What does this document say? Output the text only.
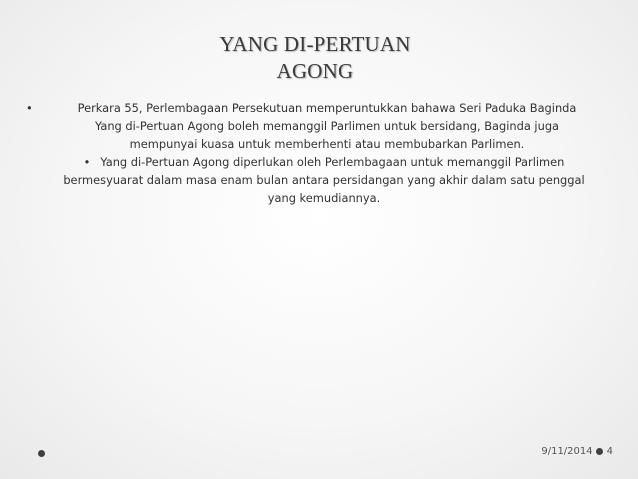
YANG DI-PERTUAN
AGONG
•	Perkara 55, Perlembagaan Persekutuan memperuntukkan bahawa Seri Paduka Baginda
Yang di-Pertuan Agong boleh memanggil Parlimen untuk bersidang, Baginda juga
mempunyai kuasa untuk memberhenti atau membubarkan Parlimen.
• Yang di-Pertuan Agong diperlukan oleh Perlembagaan untuk memanggil Parlimen
bermesyuarat dalam masa enam bulan antara persidangan yang akhir dalam satu penggal
yang kemudiannya.
9/11/2014 4
